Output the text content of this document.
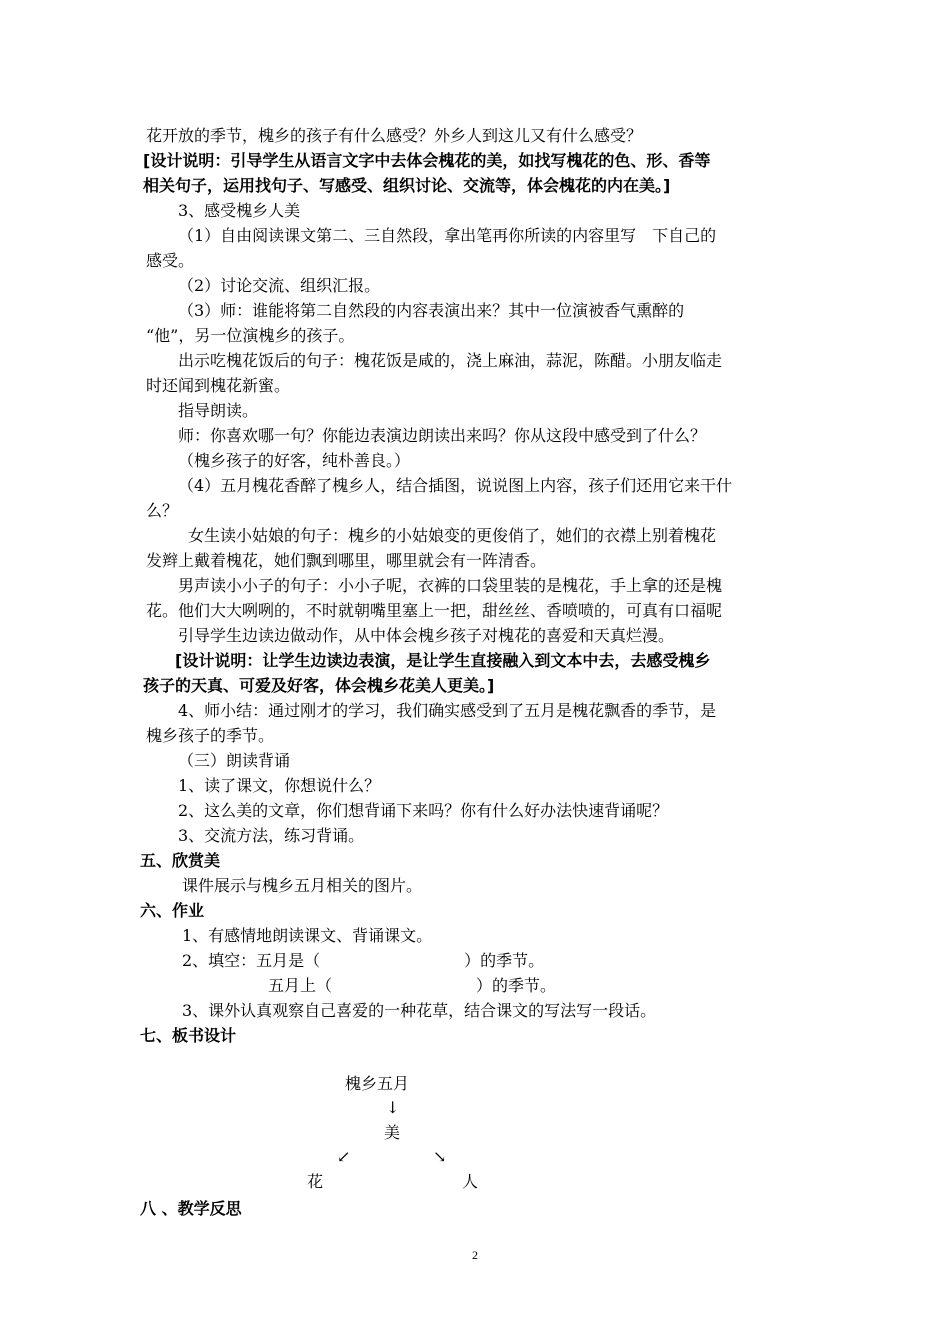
花开放的季节，槐乡的孩子有什么感受？外乡人到这儿又有什么感受？
[设计说明：引导学生从语言文字中去体会槐花的美，如找写槐花的色、形、香等
相关句子，运用找句子、写感受、组织讨论、交流等，体会槐花的内在美。]
3、感受槐乡人美
（1）自由阅读课文第二、三自然段，拿出笔再你所读的内容里写　下自己的
感受。
（2）讨论交流、组织汇报。
（3）师：谁能将第二自然段的内容表演出来？其中一位演被香气熏醉的
“他”，另一位演槐乡的孩子。
出示吃槐花饭后的句子：槐花饭是咸的，浇上麻油，蒜泥，陈醋。小朋友临走
时还闻到槐花新蜜。
指导朗读。
师：你喜欢哪一句？你能边表演边朗读出来吗？你从这段中感受到了什么？
（槐乡孩子的好客，纯朴善良。）
（4）五月槐花香醉了槐乡人，结合插图，说说图上内容，孩子们还用它来干什
么？
女生读小姑娘的句子：槐乡的小姑娘变的更俊俏了，她们的衣襟上别着槐花
发辫上戴着槐花，她们飘到哪里，哪里就会有一阵清香。
男声读小小子的句子：小小子呢，衣裤的口袋里装的是槐花，手上拿的还是槐
花。他们大大咧咧的，不时就朝嘴里塞上一把，甜丝丝、香喷喷的，可真有口福呢
引导学生边读边做动作，从中体会槐乡孩子对槐花的喜爱和天真烂漫。
[设计说明：让学生边读边表演，是让学生直接融入到文本中去，去感受槐乡
孩子的天真、可爱及好客，体会槐乡花美人更美。]
4、师小结：通过刚才的学习，我们确实感受到了五月是槐花飘香的季节，是
槐乡孩子的季节。
（三）朗读背诵
1、读了课文，你想说什么？
2、这么美的文章，你们想背诵下来吗？你有什么好办法快速背诵呢？
3、交流方法，练习背诵。
五、欣赏美
课件展示与槐乡五月相关的图片。
六、作业
1、有感情地朗读课文、背诵课文。
2、填空：五月是（　　　　　　　　　）的季节。
五月上（　　　　　　　　　）的季节。
3、课外认真观察自己喜爱的一种花草，结合课文的写法写一段话。
七、板书设计
槐乡五月
↓
美
↙	↘
花	人
八 、教学反思
2
